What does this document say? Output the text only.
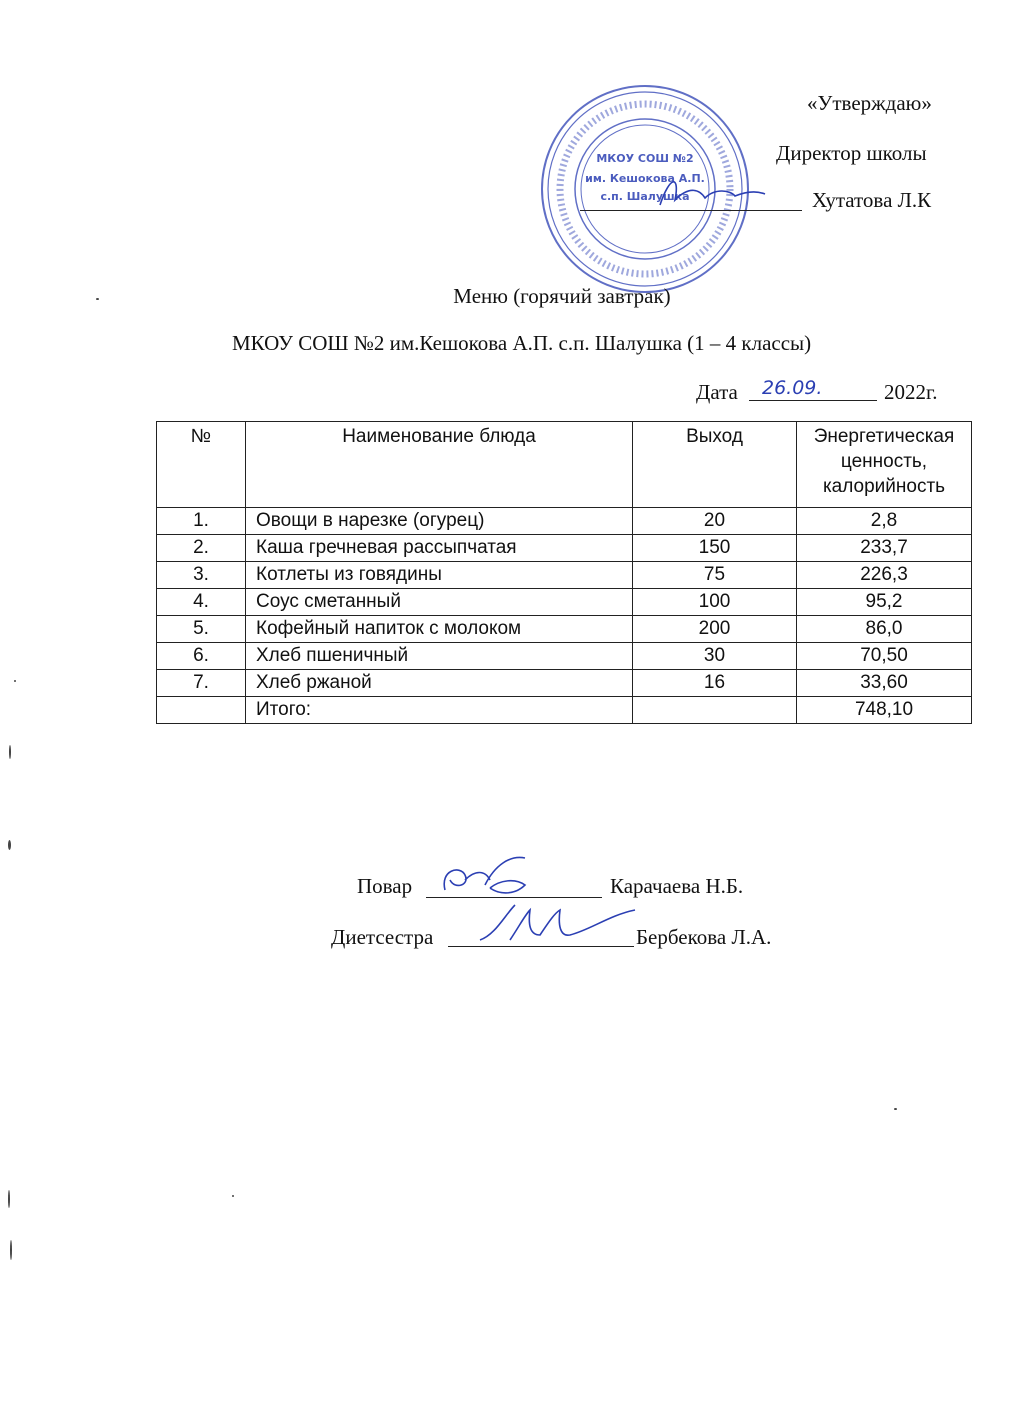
МКОУ СОШ №2
им. Кешокова А.П.
с.п. Шалушка
«Утверждаю»
Директор школы
Хутатова Л.К
Меню (горячий завтрак)
МКОУ СОШ №2 им.Кешокова А.П. с.п. Шалушка (1 – 4 классы)
Дата 26.09.	2022г.
№	Наименование блюда	Выход	Энергетическая ценность, калорийность
1.	Овощи в нарезке (огурец)	20	2,8
2.	Каша гречневая рассыпчатая	150	233,7
3.	Котлеты из говядины	75	226,3
4.	Соус сметанный	100	95,2
5.	Кофейный напиток с молоком	200	86,0
6.	Хлеб пшеничный	30	70,50
7.	Хлеб ржаной	16	33,60
	Итого:		748,10
Повар	Карачаева Н.Б.
Диетсестра	Бербекова Л.А.
